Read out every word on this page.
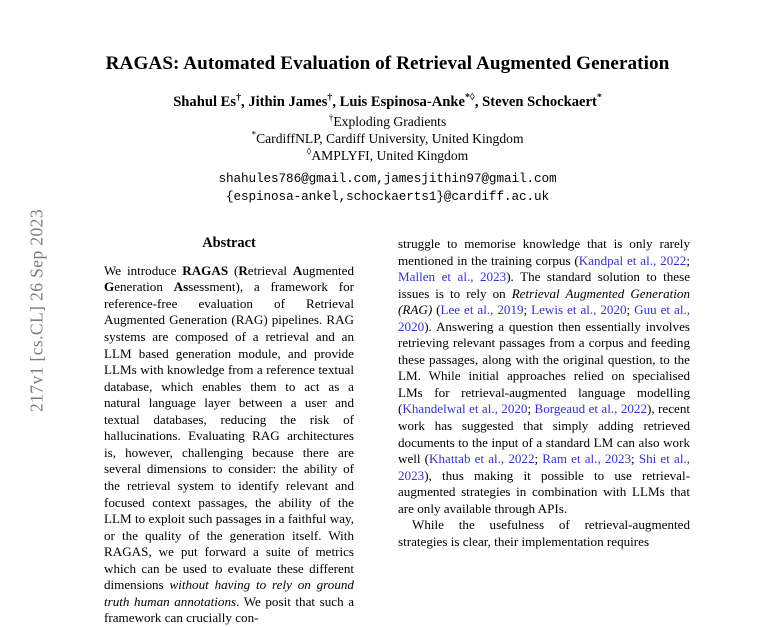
217v1 [cs.CL] 26 Sep 2023
RAGAS: Automated Evaluation of Retrieval Augmented Generation
Shahul Es†, Jithin James†, Luis Espinosa-Anke*◊, Steven Schockaert*
†Exploding Gradients
*CardiffNLP, Cardiff University, United Kingdom
◊AMPLYFI, United Kingdom
shahules786@gmail.com,jamesjithin97@gmail.com
{espinosa-ankel,schockaerts1}@cardiff.ac.uk
Abstract

We introduce RAGAS (Retrieval Augmented Generation Assessment), a framework for reference-free evaluation of Retrieval Augmented Generation (RAG) pipelines. RAG systems are composed of a retrieval and an LLM based generation module, and provide LLMs with knowledge from a reference textual database, which enables them to act as a natural language layer between a user and textual databases, reducing the risk of hallucinations. Evaluating RAG architectures is, however, challenging because there are several dimensions to consider: the ability of the retrieval system to identify relevant and focused context passages, the ability of the LLM to exploit such passages in a faithful way, or the quality of the generation itself. With RAGAS, we put forward a suite of metrics which can be used to evaluate these different dimensions without having to rely on ground truth human annotations. We posit that such a framework can crucially con-

struggle to memorise knowledge that is only rarely mentioned in the training corpus (Kandpal et al., 2022; Mallen et al., 2023). The standard solution to these issues is to rely on Retrieval Augmented Generation (RAG) (Lee et al., 2019; Lewis et al., 2020; Guu et al., 2020). Answering a question then essentially involves retrieving relevant passages from a corpus and feeding these passages, along with the original question, to the LM. While initial approaches relied on specialised LMs for retrieval-augmented language modelling (Khandelwal et al., 2020; Borgeaud et al., 2022), recent work has suggested that simply adding retrieved documents to the input of a standard LM can also work well (Khattab et al., 2022; Ram et al., 2023; Shi et al., 2023), thus making it possible to use retrieval-augmented strategies in combination with LLMs that are only available through APIs.

While the usefulness of retrieval-augmented strategies is clear, their implementation requires
